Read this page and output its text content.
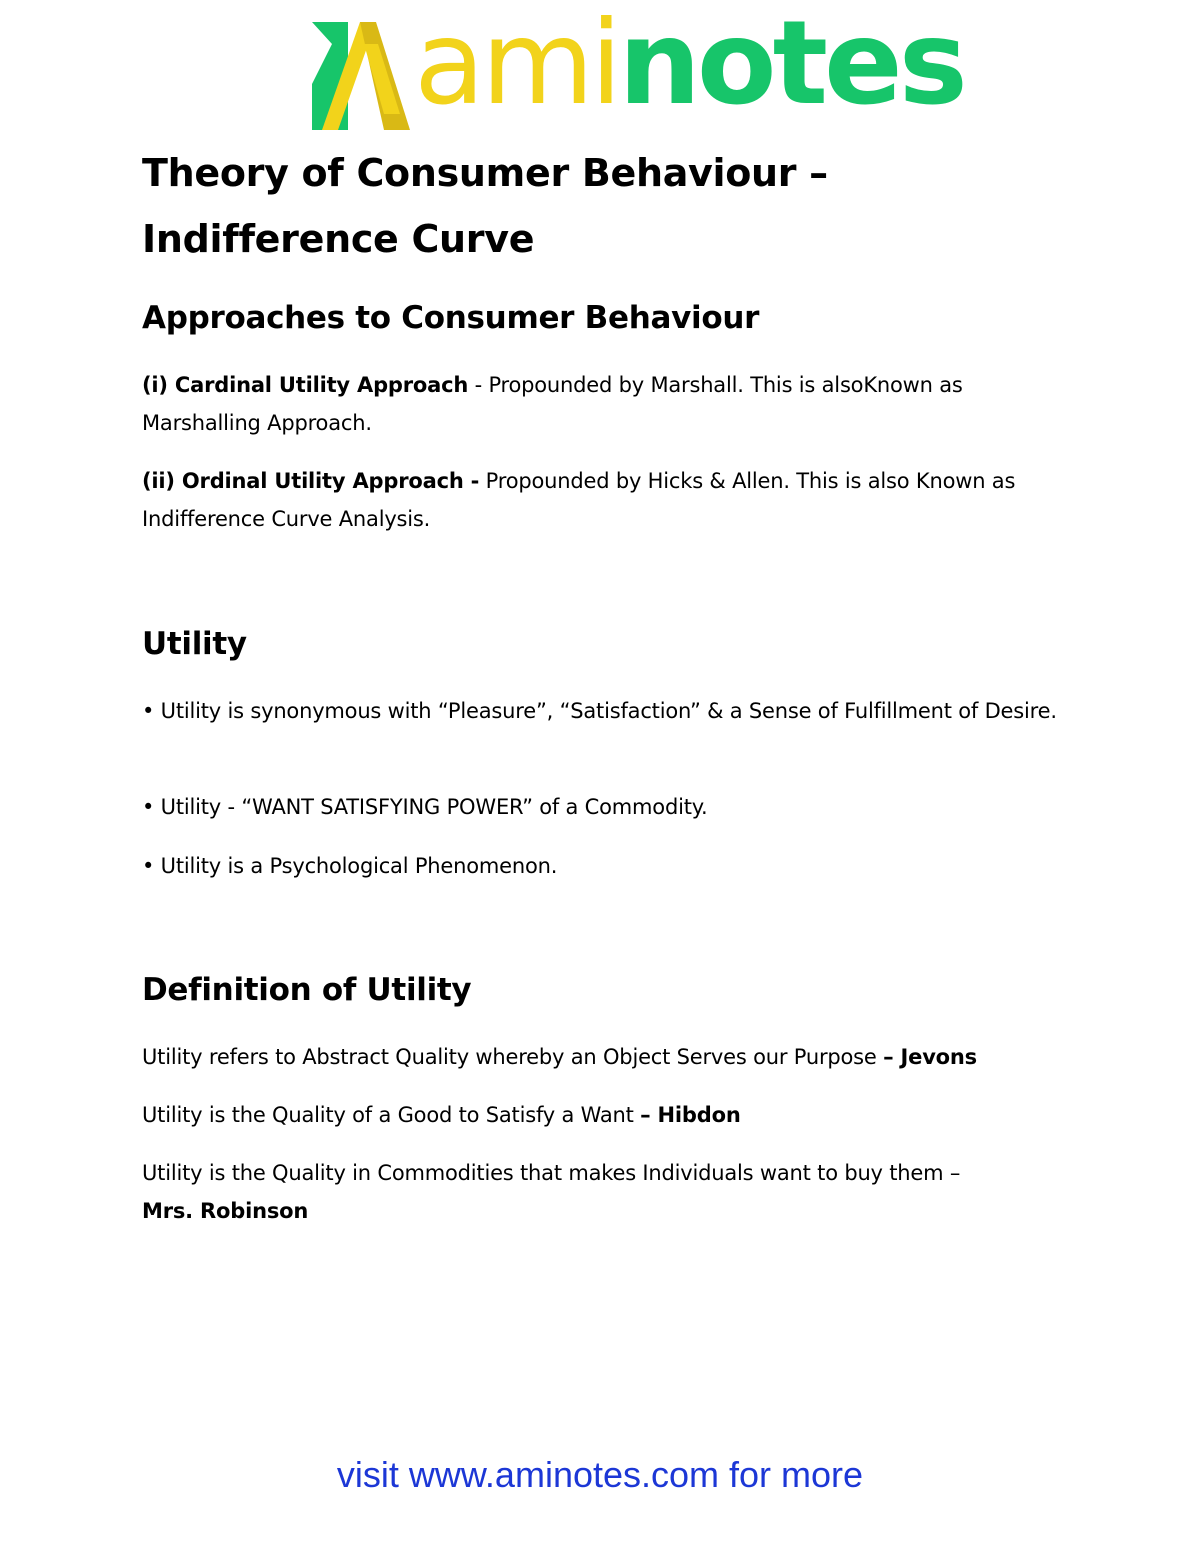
aminotes
Theory of Consumer Behaviour – Indifference Curve
Approaches to Consumer Behaviour

(i) Cardinal Utility Approach - Propounded by Marshall. This is alsoKnown as Marshalling Approach.

(ii) Ordinal Utility Approach - Propounded by Hicks & Allen. This is also Known as Indifference Curve Analysis.

Utility

• Utility is synonymous with “Pleasure”, “Satisfaction” & a Sense of Fulfillment of Desire.

• Utility - “WANT SATISFYING POWER” of a Commodity.

• Utility is a Psychological Phenomenon.

Definition of Utility

Utility refers to Abstract Quality whereby an Object Serves our Purpose – Jevons

Utility is the Quality of a Good to Satisfy a Want – Hibdon

Utility is the Quality in Commodities that makes Individuals want to buy them –
Mrs. Robinson

visit www.aminotes.com for more
